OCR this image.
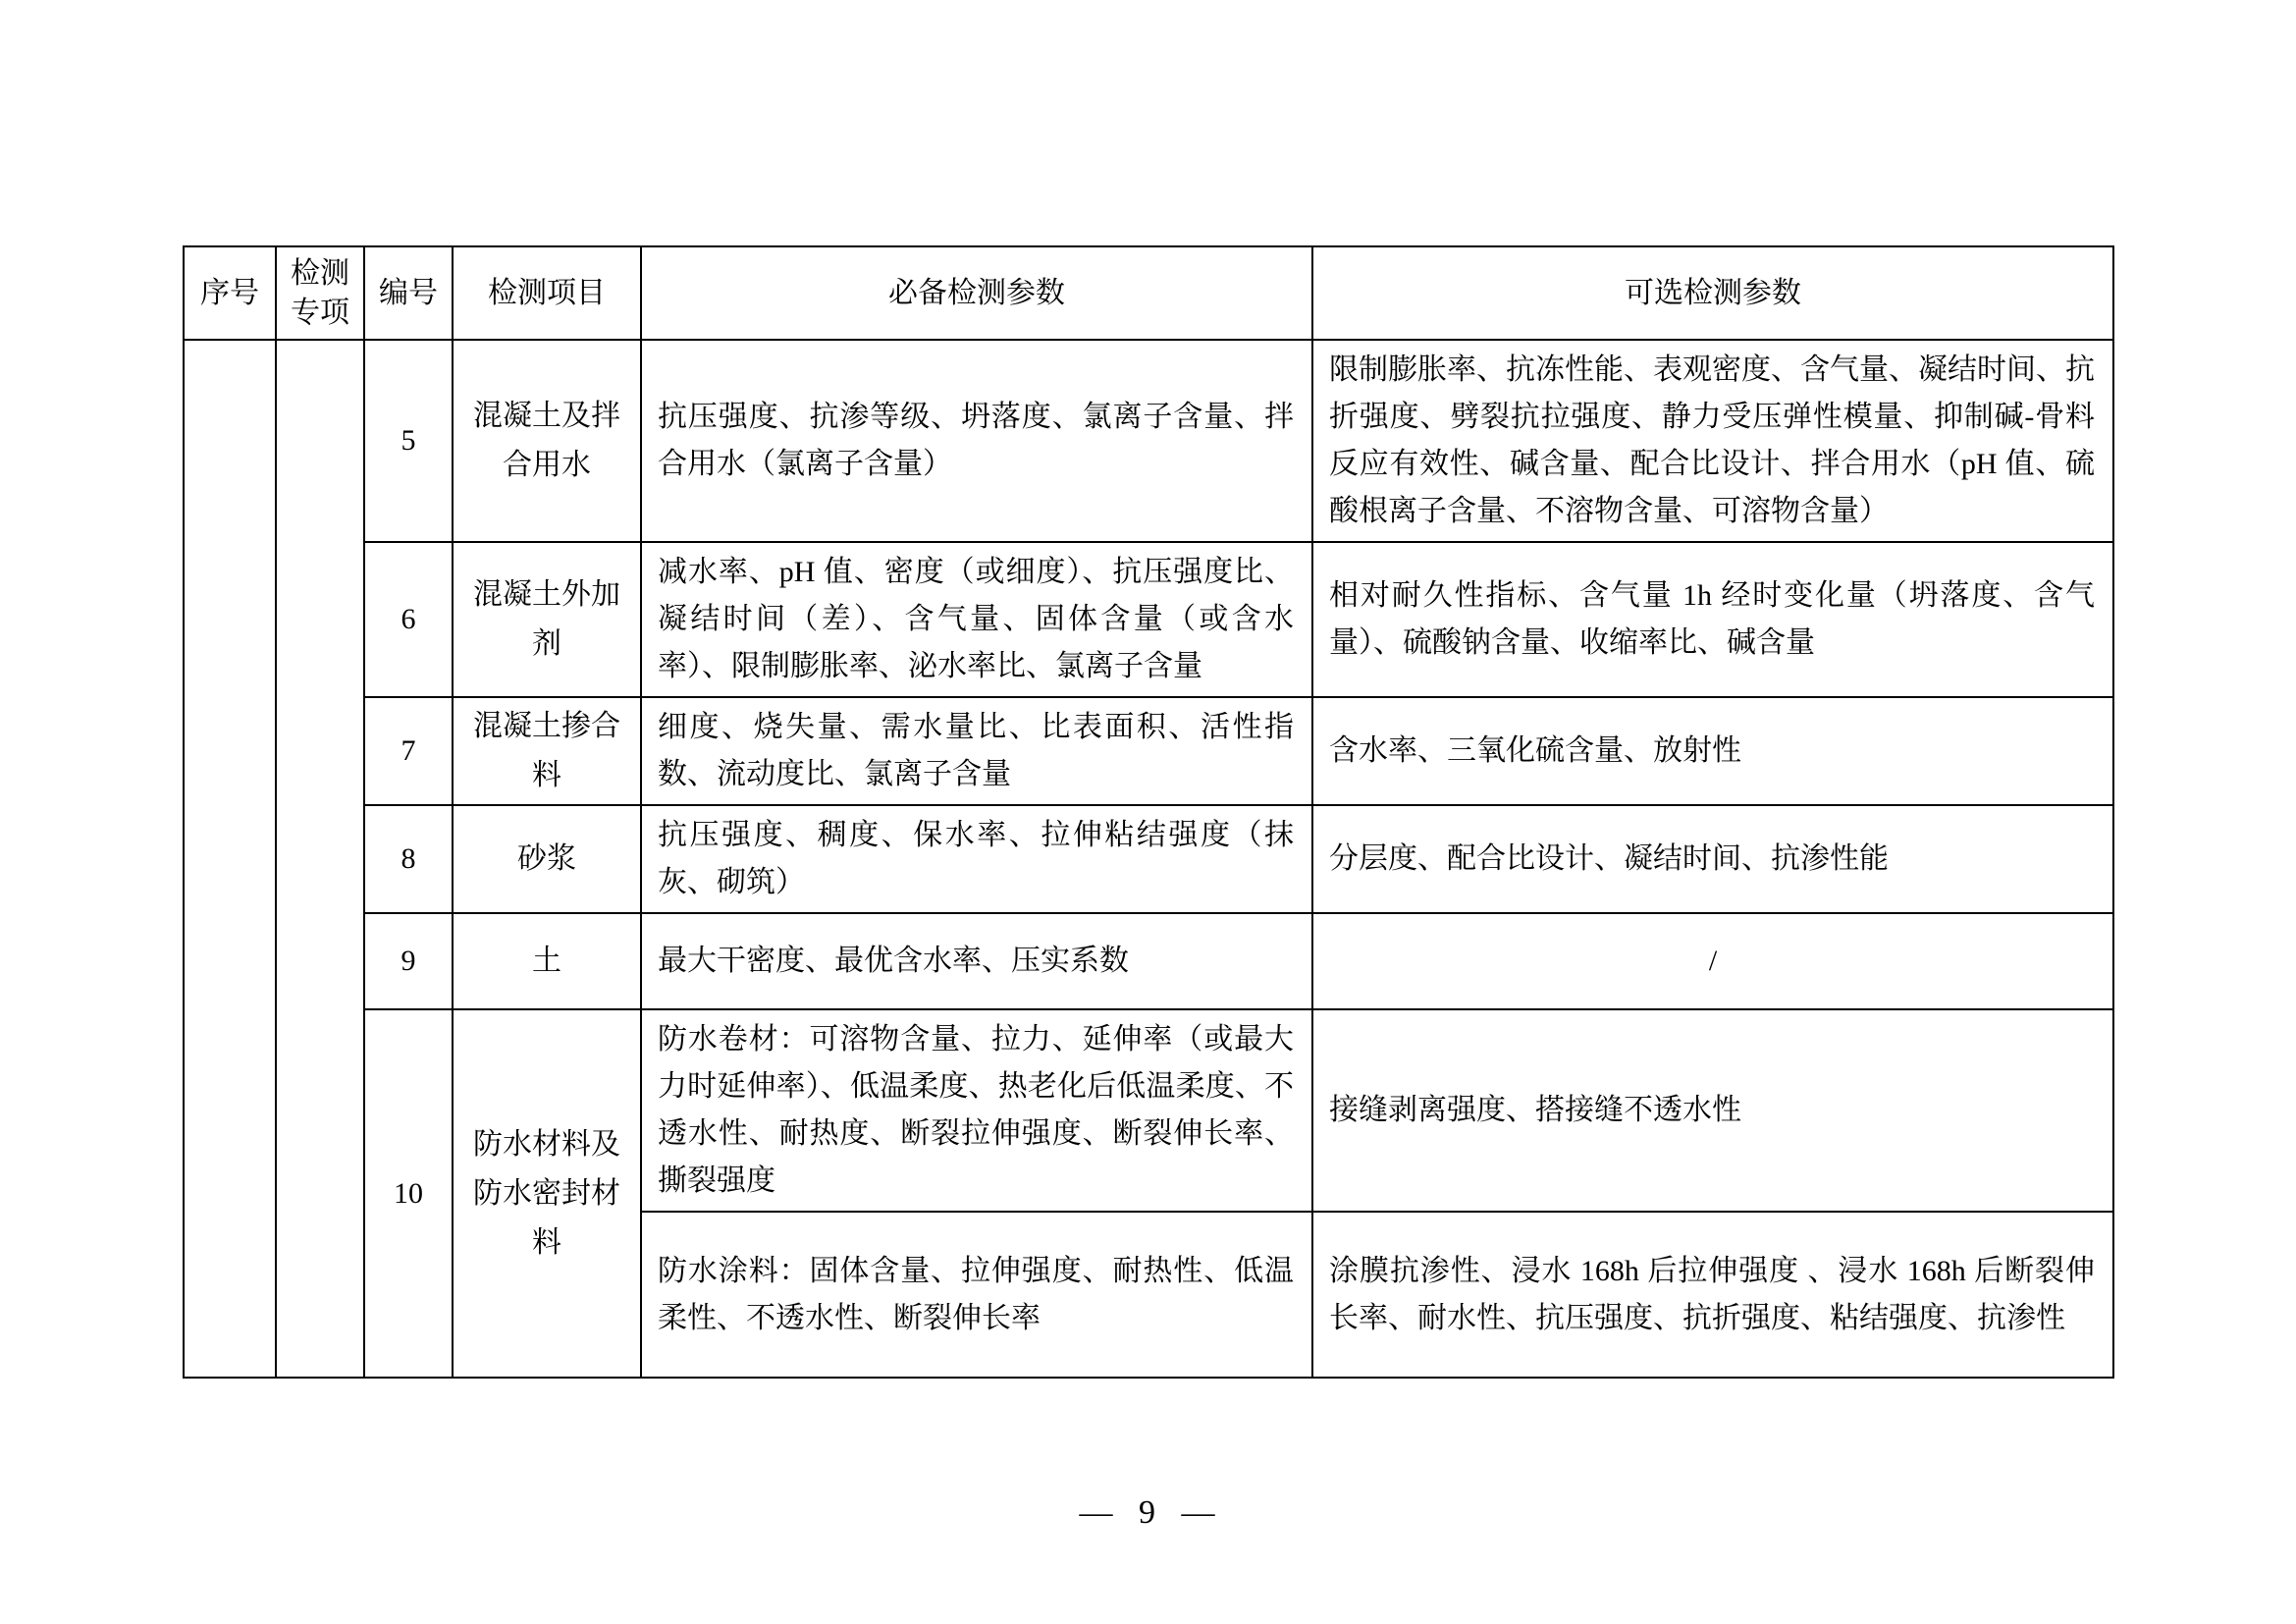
序号	检测专项	编号	检测项目	必备检测参数	可选检测参数
		5	混凝土及拌合用水	抗压强度、抗渗等级、坍落度、氯离子含量、拌合用水（氯离子含量）	限制膨胀率、抗冻性能、表观密度、含气量、凝结时间、抗折强度、劈裂抗拉强度、静力受压弹性模量、抑制碱-骨料反应有效性、碱含量、配合比设计、拌合用水（pH 值、硫酸根离子含量、不溶物含量、可溶物含量）
		6	混凝土外加剂	减水率、pH 值、密度（或细度）、抗压强度比、凝结时间（差）、含气量、固体含量（或含水率）、限制膨胀率、泌水率比、氯离子含量	相对耐久性指标、含气量 1h 经时变化量（坍落度、含气量）、硫酸钠含量、收缩率比、碱含量
		7	混凝土掺合料	细度、烧失量、需水量比、比表面积、活性指数、流动度比、氯离子含量	含水率、三氧化硫含量、放射性
		8	砂浆	抗压强度、稠度、保水率、拉伸粘结强度（抹灰、砌筑）	分层度、配合比设计、凝结时间、抗渗性能
		9	土	最大干密度、最优含水率、压实系数	/
		10	防水材料及防水密封材料	防水卷材：可溶物含量、拉力、延伸率（或最大力时延伸率）、低温柔度、热老化后低温柔度、不透水性、耐热度、断裂拉伸强度、断裂伸长率、撕裂强度	接缝剥离强度、搭接缝不透水性
				防水涂料：固体含量、拉伸强度、耐热性、低温柔性、不透水性、断裂伸长率	涂膜抗渗性、浸水 168h 后拉伸强度 、浸水 168h 后断裂伸长率、耐水性、抗压强度、抗折强度、粘结强度、抗渗性
— 9 —
